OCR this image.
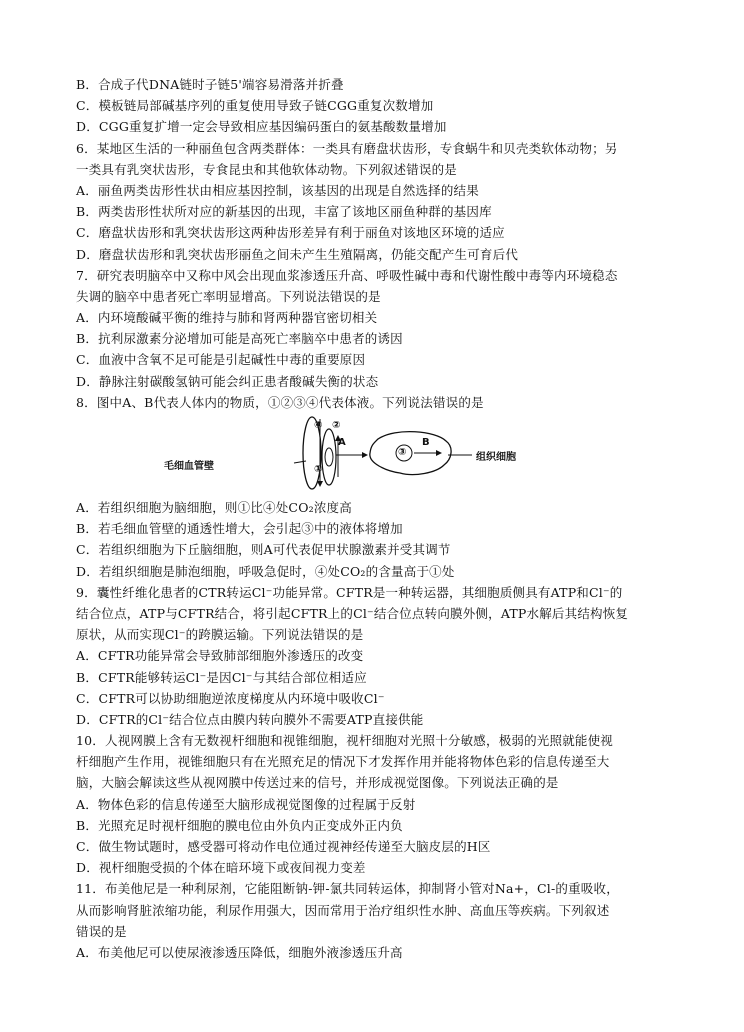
B．合成子代DNA链时子链5'端容易滑落并折叠
C．模板链局部碱基序列的重复使用导致子链CGG重复次数增加
D．CGG重复扩增一定会导致相应基因编码蛋白的氨基酸数量增加
6．某地区生活的一种丽鱼包含两类群体：一类具有磨盘状齿形，专食蜗牛和贝壳类软体动物；另
一类具有乳突状齿形，专食昆虫和其他软体动物。下列叙述错误的是
A．丽鱼两类齿形性状由相应基因控制，该基因的出现是自然选择的结果
B．两类齿形性状所对应的新基因的出现，丰富了该地区丽鱼种群的基因库
C．磨盘状齿形和乳突状齿形这两种齿形差异有利于丽鱼对该地区环境的适应
D．磨盘状齿形和乳突状齿形丽鱼之间未产生生殖隔离，仍能交配产生可育后代
7．研究表明脑卒中又称中风会出现血浆渗透压升高、呼吸性碱中毒和代谢性酸中毒等内环境稳态
失调的脑卒中患者死亡率明显增高。下列说法错误的是
A．内环境酸碱平衡的维持与肺和肾两种器官密切相关
B．抗利尿激素分泌增加可能是高死亡率脑卒中患者的诱因
C．血液中含氧不足可能是引起碱性中毒的重要原因
D．静脉注射碳酸氢钠可能会纠正患者酸碱失衡的状态
8．图中A、B代表人体内的物质，①②③④代表体液。下列说法错误的是
毛细血管壁
组织细胞
④ ②
①
③
A	B
A．若组织细胞为脑细胞，则①比④处CO₂浓度高
B．若毛细血管壁的通透性增大，会引起③中的液体将增加
C．若组织细胞为下丘脑细胞，则A可代表促甲状腺激素并受其调节
D．若组织细胞是肺泡细胞，呼吸急促时，④处CO₂的含量高于①处
9．囊性纤维化患者的CTR转运Cl⁻功能异常。CFTR是一种转运器，其细胞质侧具有ATP和Cl⁻的
结合位点，ATP与CFTR结合，将引起CFTR上的Cl⁻结合位点转向膜外侧，ATP水解后其结构恢复
原状，从而实现Cl⁻的跨膜运输。下列说法错误的是
A．CFTR功能异常会导致肺部细胞外渗透压的改变
B．CFTR能够转运Cl⁻是因Cl⁻与其结合部位相适应
C．CFTR可以协助细胞逆浓度梯度从内环境中吸收Cl⁻
D．CFTR的Cl⁻结合位点由膜内转向膜外不需要ATP直接供能
10．人视网膜上含有无数视杆细胞和视锥细胞，视杆细胞对光照十分敏感，极弱的光照就能使视
杆细胞产生作用，视锥细胞只有在光照充足的情况下才发挥作用并能将物体色彩的信息传递至大
脑，大脑会解读这些从视网膜中传送过来的信号，并形成视觉图像。下列说法正确的是
A．物体色彩的信息传递至大脑形成视觉图像的过程属于反射
B．光照充足时视杆细胞的膜电位由外负内正变成外正内负
C．做生物试题时，感受器可将动作电位通过视神经传递至大脑皮层的H区
D．视杆细胞受损的个体在暗环境下或夜间视力变差
11．布美他尼是一种利尿剂，它能阻断钠-钾-氯共同转运体，抑制肾小管对Na+，Cl-的重吸收，
从而影响肾脏浓缩功能，利尿作用强大，因而常用于治疗组织性水肿、高血压等疾病。下列叙述
错误的是
A．布美他尼可以使尿液渗透压降低，细胞外液渗透压升高
